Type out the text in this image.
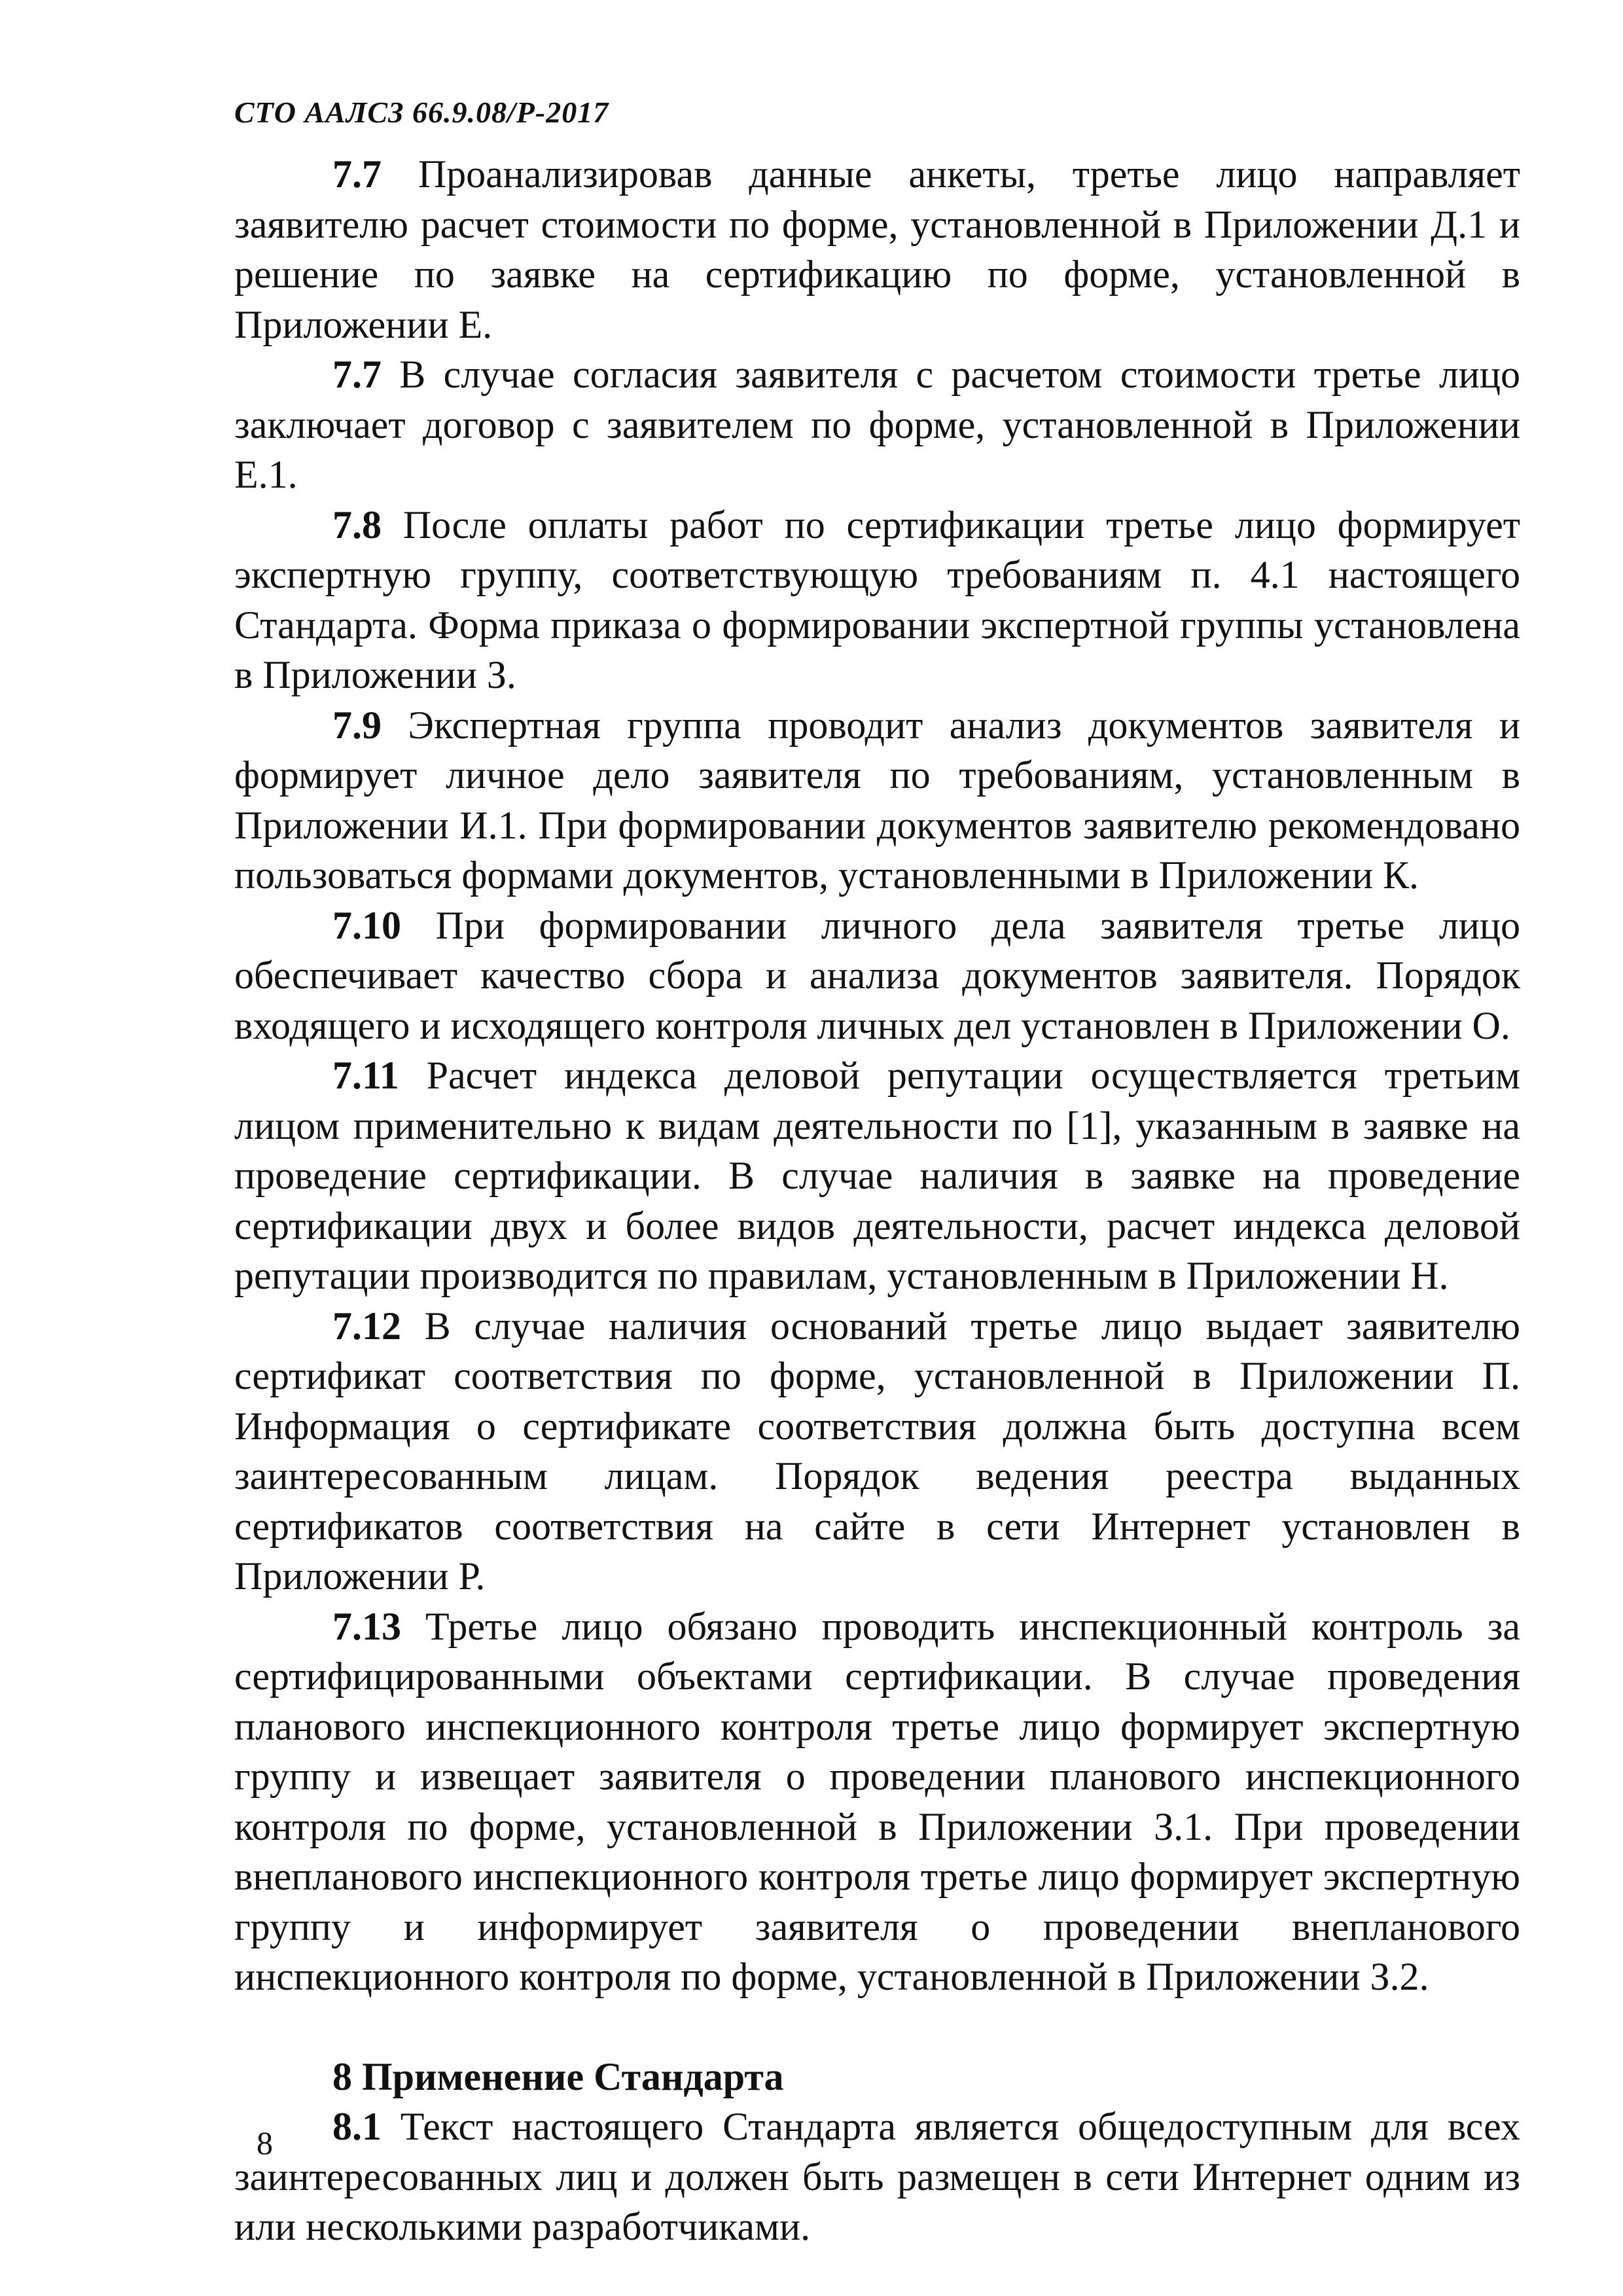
СТО ААЛСЗ 66.9.08/Р-2017

7.7 Проанализировав данные анкеты, третье лицо направляет заявителю расчет стоимости по форме, установленной в Приложении Д.1 и решение по заявке на сертификацию по форме, установленной в Приложении Е.

7.7 В случае согласия заявителя с расчетом стоимости третье лицо заключает договор с заявителем по форме, установленной в Приложении Е.1.

7.8 После оплаты работ по сертификации третье лицо формирует экспертную группу, соответствующую требованиям п. 4.1 настоящего Стандарта. Форма приказа о формировании экспертной группы установлена в Приложении З.

7.9 Экспертная группа проводит анализ документов заявителя и формирует личное дело заявителя по требованиям, установленным в Приложении И.1. При формировании документов заявителю рекомендовано пользоваться формами документов, установленными в Приложении К.

7.10 При формировании личного дела заявителя третье лицо обеспечивает качество сбора и анализа документов заявителя. Порядок входящего и исходящего контроля личных дел установлен в Приложении О.

7.11 Расчет индекса деловой репутации осуществляется третьим лицом применительно к видам деятельности по [1], указанным в заявке на проведение сертификации. В случае наличия в заявке на проведение сертификации двух и более видов деятельности, расчет индекса деловой репутации производится по правилам, установленным в Приложении Н.

7.12 В случае наличия оснований третье лицо выдает заявителю сертификат соответствия по форме, установленной в Приложении П. Информация о сертификате соответствия должна быть доступна всем заинтересованным лицам. Порядок ведения реестра выданных сертификатов соответствия на сайте в сети Интернет установлен в Приложении Р.

7.13 Третье лицо обязано проводить инспекционный контроль за сертифицированными объектами сертификации. В случае проведения планового инспекционного контроля третье лицо формирует экспертную группу и извещает заявителя о проведении планового инспекционного контроля по форме, установленной в Приложении З.1. При проведении внепланового инспекционного контроля третье лицо формирует экспертную группу и информирует заявителя о проведении внепланового инспекционного контроля по форме, установленной в Приложении З.2.

8 Применение Стандарта

8.1 Текст настоящего Стандарта является общедоступным для всех заинтересованных лиц и должен быть размещен в сети Интернет одним из или несколькими разработчиками.

8
